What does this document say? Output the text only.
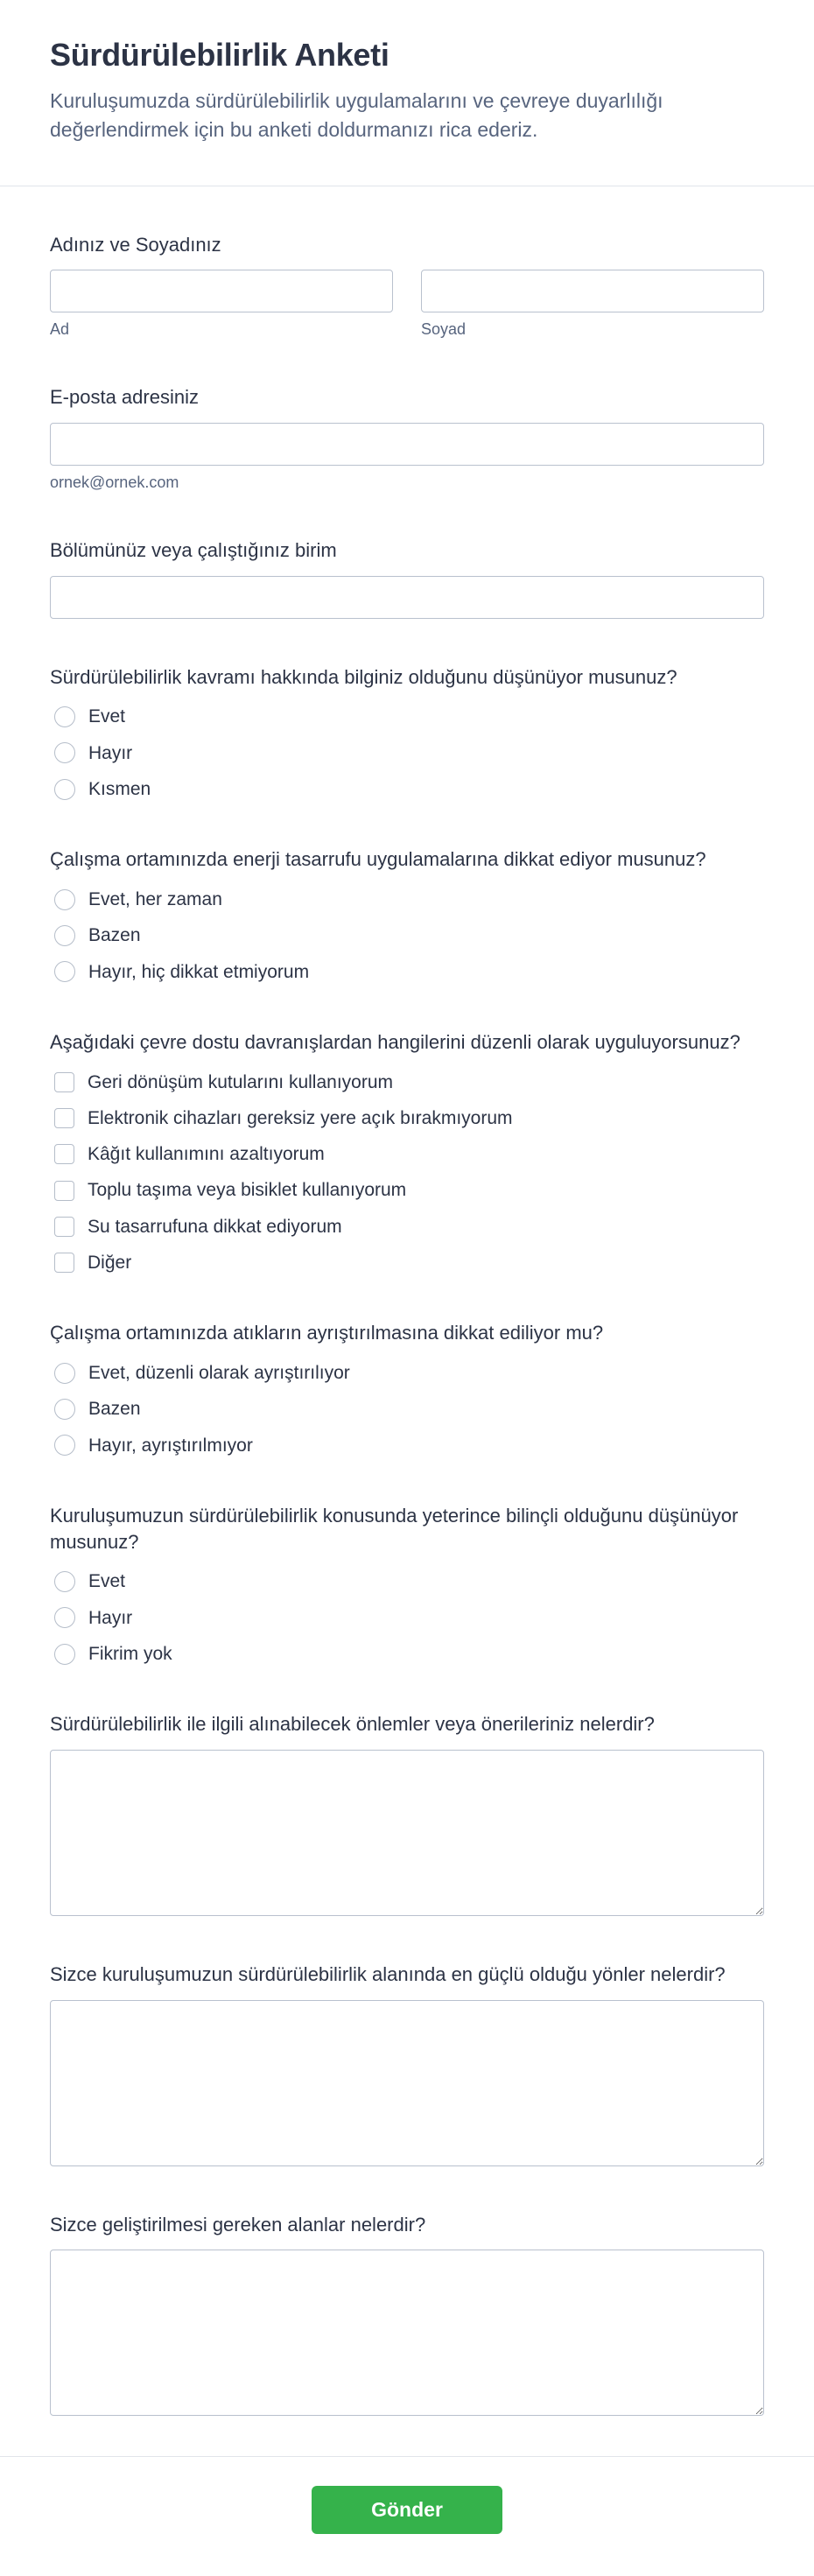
Sürdürülebilirlik Anketi

Kuruluşumuzda sürdürülebilirlik uygulamalarını ve çevreye duyarlılığı değerlendirmek için bu anketi doldurmanızı rica ederiz.

Adınız ve Soyadınız
Ad	Soyad
E-posta adresiniz
ornek@ornek.com
Bölümünüz veya çalıştığınız birim
Sürdürülebilirlik kavramı hakkında bilginiz olduğunu düşünüyor musunuz?
Evet
Hayır
Kısmen
Çalışma ortamınızda enerji tasarrufu uygulamalarına dikkat ediyor musunuz?
Evet, her zaman
Bazen
Hayır, hiç dikkat etmiyorum
Aşağıdaki çevre dostu davranışlardan hangilerini düzenli olarak uyguluyorsunuz?
Geri dönüşüm kutularını kullanıyorum
Elektronik cihazları gereksiz yere açık bırakmıyorum
Kâğıt kullanımını azaltıyorum
Toplu taşıma veya bisiklet kullanıyorum
Su tasarrufuna dikkat ediyorum
Diğer
Çalışma ortamınızda atıkların ayrıştırılmasına dikkat ediliyor mu?
Evet, düzenli olarak ayrıştırılıyor
Bazen
Hayır, ayrıştırılmıyor
Kuruluşumuzun sürdürülebilirlik konusunda yeterince bilinçli olduğunu düşünüyor musunuz?
Evet
Hayır
Fikrim yok
Sürdürülebilirlik ile ilgili alınabilecek önlemler veya önerileriniz nelerdir?
Sizce kuruluşumuzun sürdürülebilirlik alanında en güçlü olduğu yönler nelerdir?
Sizce geliştirilmesi gereken alanlar nelerdir?
Gönder
